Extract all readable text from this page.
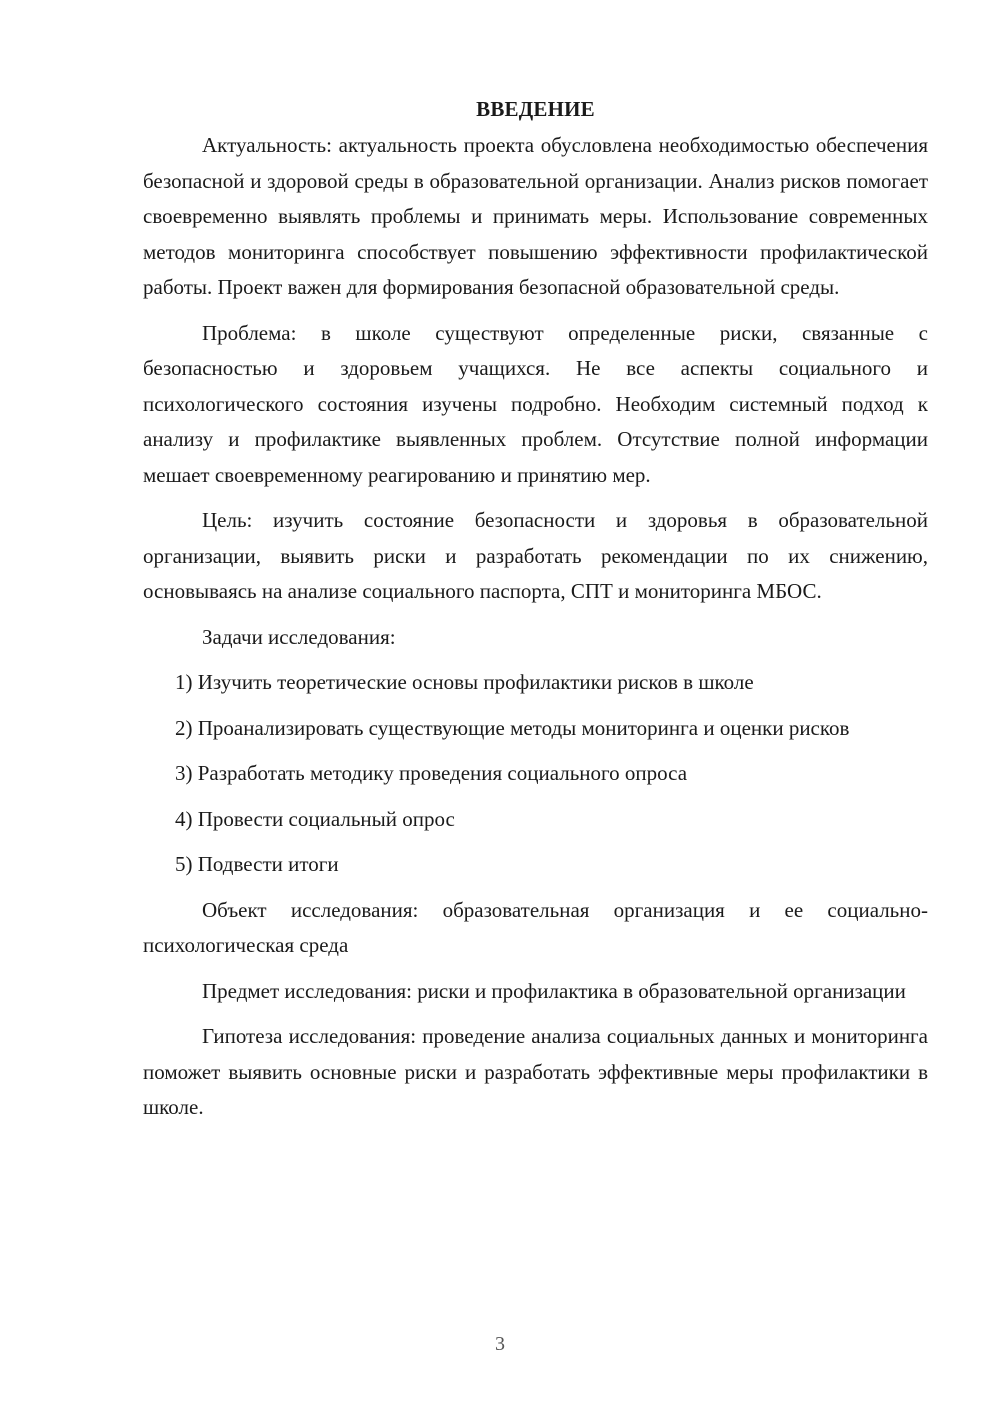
ВВЕДЕНИЕ

Актуальность: актуальность проекта обусловлена необходимостью обеспечения безопасной и здоровой среды в образовательной организации. Анализ рисков помогает своевременно выявлять проблемы и принимать меры. Использование современных методов мониторинга способствует повышению эффективности профилактической работы. Проект важен для формирования безопасной образовательной среды.

Проблема: в школе существуют определенные риски, связанные с безопасностью и здоровьем учащихся. Не все аспекты социального и психологического состояния изучены подробно. Необходим системный подход к анализу и профилактике выявленных проблем. Отсутствие полной информации мешает своевременному реагированию и принятию мер.

Цель: изучить состояние безопасности и здоровья в образовательной организации, выявить риски и разработать рекомендации по их снижению, основываясь на анализе социального паспорта, СПТ и мониторинга МБОС.

Задачи исследования:

1) Изучить теоретические основы профилактики рисков в школе

2) Проанализировать существующие методы мониторинга и оценки рисков

3) Разработать методику проведения социального опроса

4) Провести социальный опрос

5) Подвести итоги

Объект исследования: образовательная организация и ее социально-психологическая среда

Предмет исследования: риски и профилактика в образовательной организации

Гипотеза исследования: проведение анализа социальных данных и мониторинга поможет выявить основные риски и разработать эффективные меры профилактики в школе.

3
